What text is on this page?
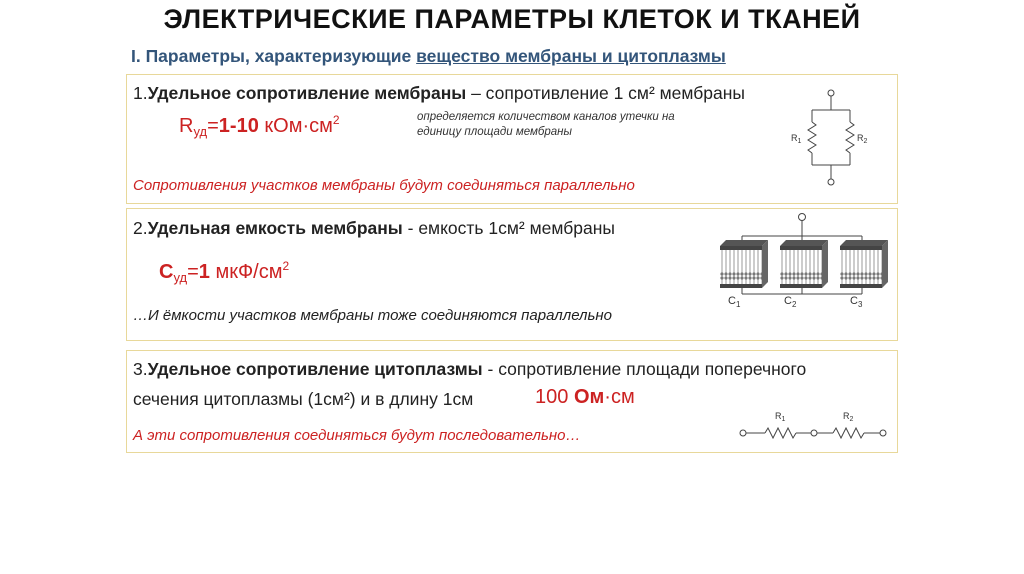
ЭЛЕКТРИЧЕСКИЕ ПАРАМЕТРЫ КЛЕТОК И ТКАНЕЙ
I. Параметры, характеризующие вещество мембраны и цитоплазмы
1.Удельное сопротивление мембраны – сопротивление 1 см² мембраны
$R_{уд}=1-10$ $кОм\cdot см^2$	определяется количеством каналов утечки на
единицу площади мембраны
Сопротивления участков мембраны будут соединяться параллельно
$R_1$	$R_2$
2.Удельная емкость мембраны - емкость 1см² мембраны
$С_{уд}=1$ мкФ/$см^2$
…И ёмкости участков мембраны тоже соединяются параллельно
$C_1$	$C_2$	$C_3$
3.Удельное сопротивление цитоплазмы - сопротивление площади поперечного
сечения цитоплазмы (1см²) и в длину 1см	100 Ом·см
А эти сопротивления соединяться будут последовательно…
$R_1$	$R_2$
